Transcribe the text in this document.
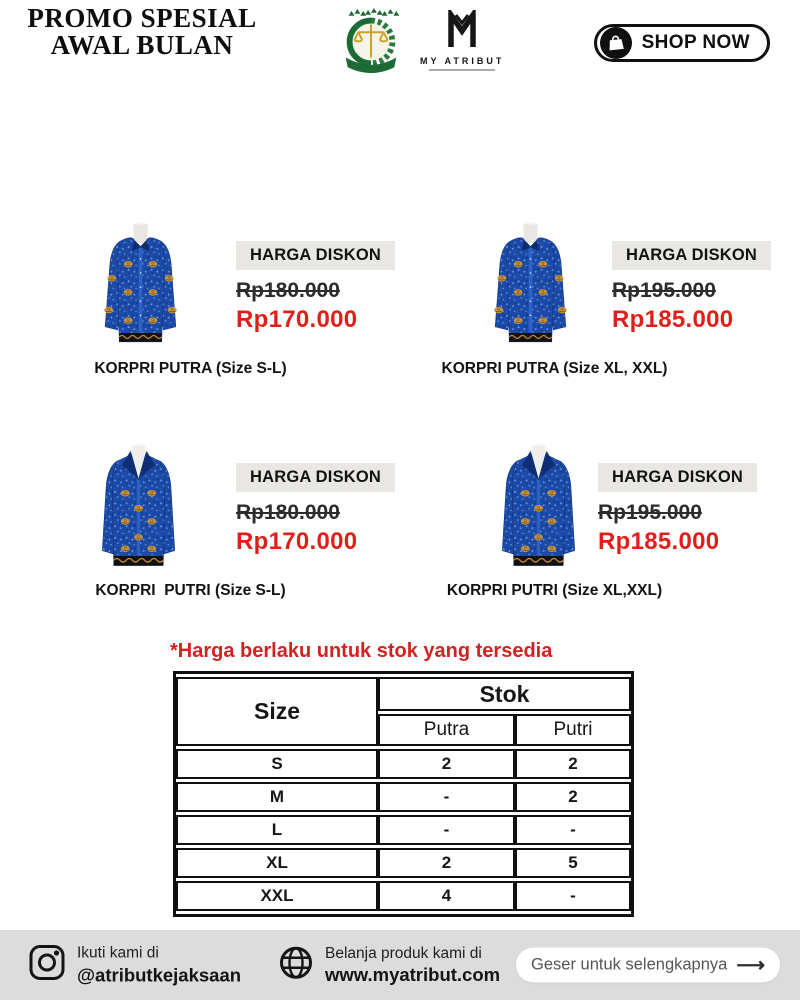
PROMO SPESIAL
AWAL BULAN
MY ATRIBUT
SHOP NOW
HARGA DISKON
Rp180.000
Rp170.000
KORPRI PUTRA (Size S-L)
HARGA DISKON
Rp195.000
Rp185.000
KORPRI PUTRA (Size XL, XXL)
HARGA DISKON
Rp180.000
Rp170.000
KORPRI  PUTRI (Size S-L)
HARGA DISKON
Rp195.000
Rp185.000
KORPRI PUTRI (Size XL,XXL)
*Harga berlaku untuk stok yang tersedia
Size	Stok	
	Putra	Putri
S	2	2
M	-	2
L	-	-
XL	2	5
XXL	4	-
Ikuti kami di
@atributkejaksaan
Belanja produk kami di
www.myatribut.com Geser untuk selengkapnya ⟶
